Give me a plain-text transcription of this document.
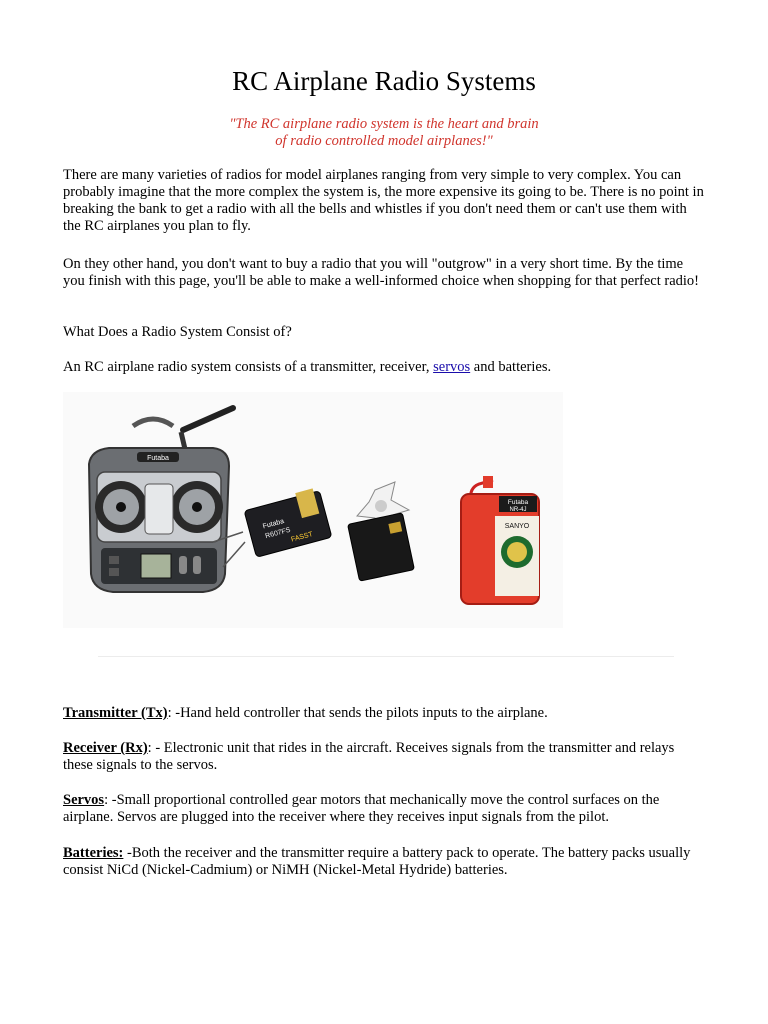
RC Airplane Radio Systems
"The RC airplane radio system is the heart and brain
of radio controlled model airplanes!"

There are many varieties of radios for model airplanes ranging from very simple to very complex. You can probably imagine that the more complex the system is, the more expensive its going to be. There is no point in breaking the bank to get a radio with all the bells and whistles if you don't need them or can't use them with the RC airplanes you plan to fly.

On they other hand, you don't want to buy a radio that you will "outgrow" in a very short time. By the time you finish with this page, you'll be able to make a well-informed choice when shopping for that perfect radio!

What Does a Radio System Consist of?

An RC airplane radio system consists of a transmitter, receiver, servos and batteries.

Futaba
Futaba
R607FS FASST
Futaba
NR-4J
SANYO

Transmitter (Tx): -Hand held controller that sends the pilots inputs to the airplane.

Receiver (Rx): - Electronic unit that rides in the aircraft. Receives signals from the transmitter and relays these signals to the servos.

Servos: -Small proportional controlled gear motors that mechanically move the control surfaces on the airplane. Servos are plugged into the receiver where they receives input signals from the pilot.

Batteries: -Both the receiver and the transmitter require a battery pack to operate. The battery packs usually consist NiCd (Nickel-Cadmium) or NiMH (Nickel-Metal Hydride) batteries.
